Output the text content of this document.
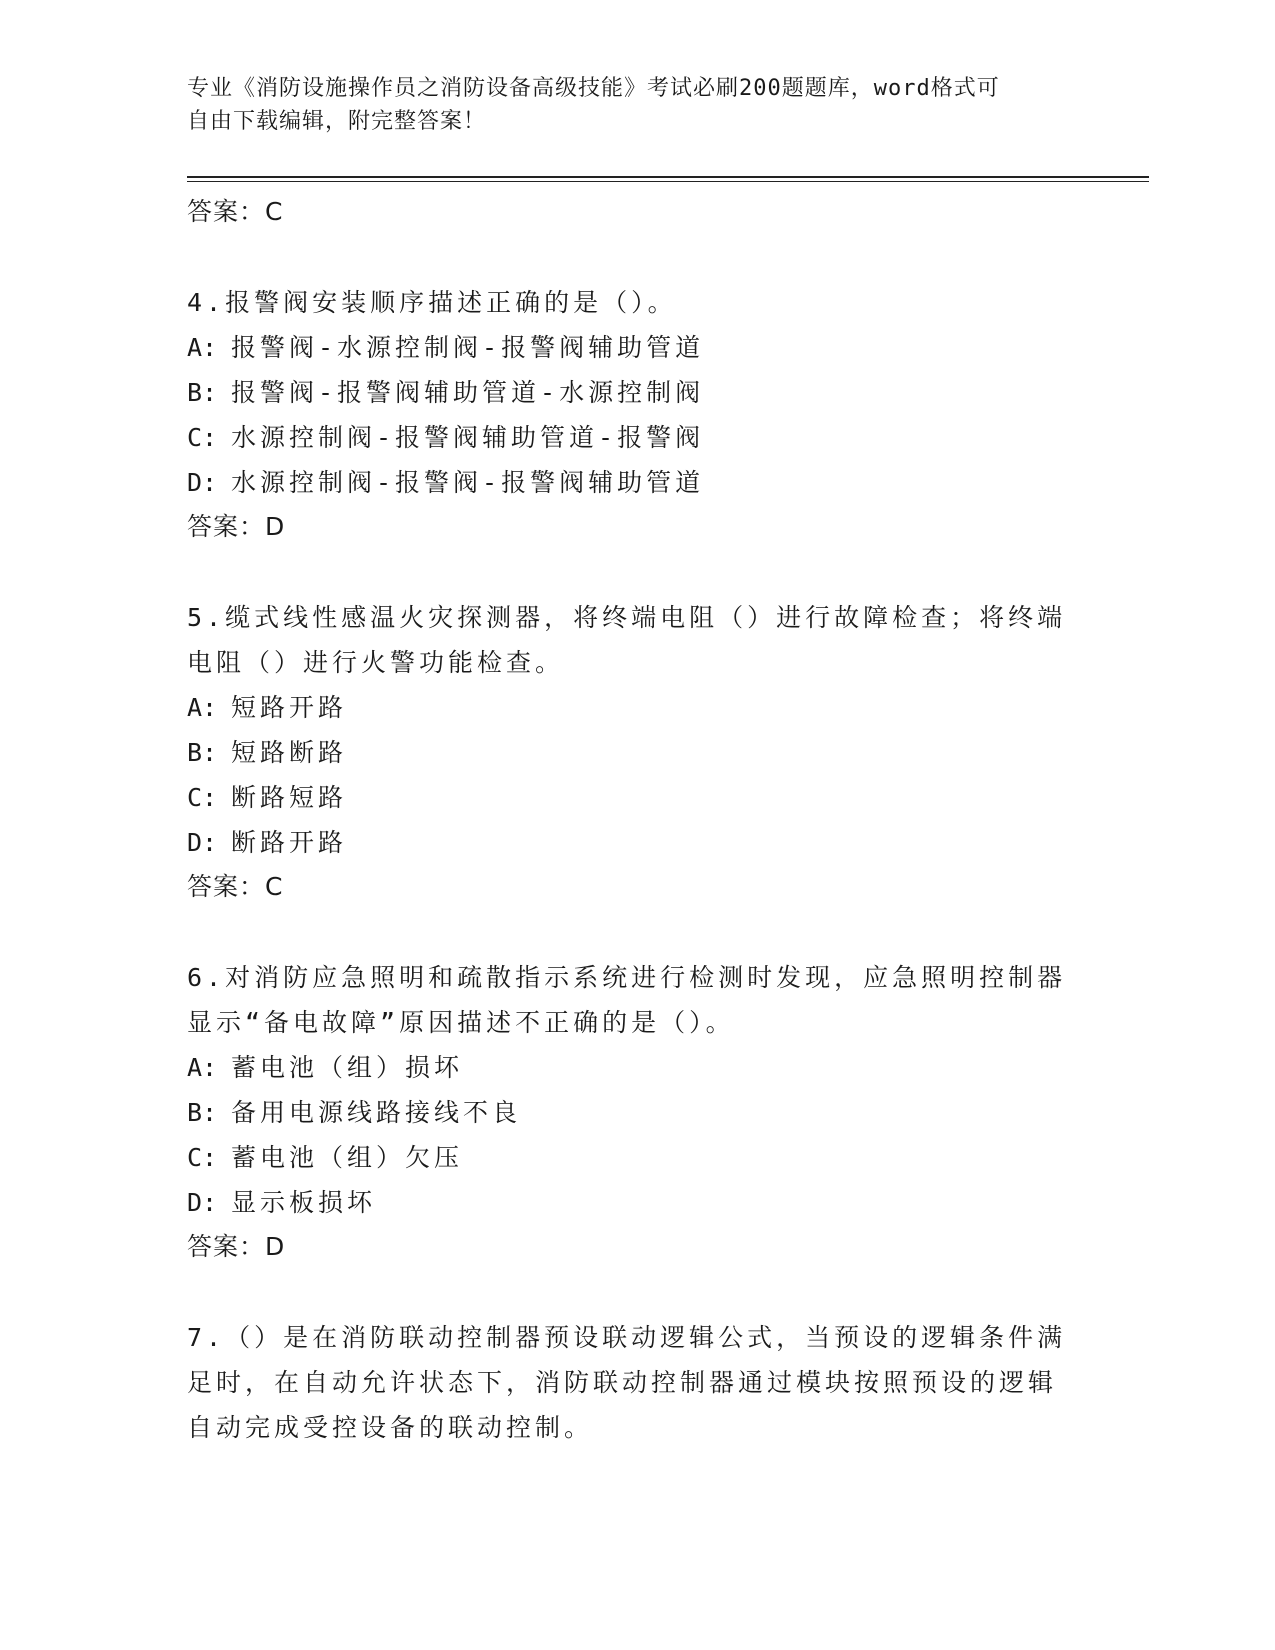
专业《消防设施操作员之消防设备高级技能》考试必刷200题题库，word格式可
自由下载编辑，附完整答案！

答案：C

4.报警阀安装顺序描述正确的是（）。

A: 报警阀-水源控制阀-报警阀辅助管道

B: 报警阀-报警阀辅助管道-水源控制阀

C: 水源控制阀-报警阀辅助管道-报警阀

D: 水源控制阀-报警阀-报警阀辅助管道

答案：D

5.缆式线性感温火灾探测器，将终端电阻（）进行故障检查；将终端

电阻（）进行火警功能检查。

A: 短路开路

B: 短路断路

C: 断路短路

D: 断路开路

答案：C

6.对消防应急照明和疏散指示系统进行检测时发现，应急照明控制器

显示“备电故障”原因描述不正确的是（）。

A: 蓄电池（组）损坏

B: 备用电源线路接线不良

C: 蓄电池（组）欠压

D: 显示板损坏

答案：D

7.（）是在消防联动控制器预设联动逻辑公式，当预设的逻辑条件满

足时，在自动允许状态下，消防联动控制器通过模块按照预设的逻辑

自动完成受控设备的联动控制。
